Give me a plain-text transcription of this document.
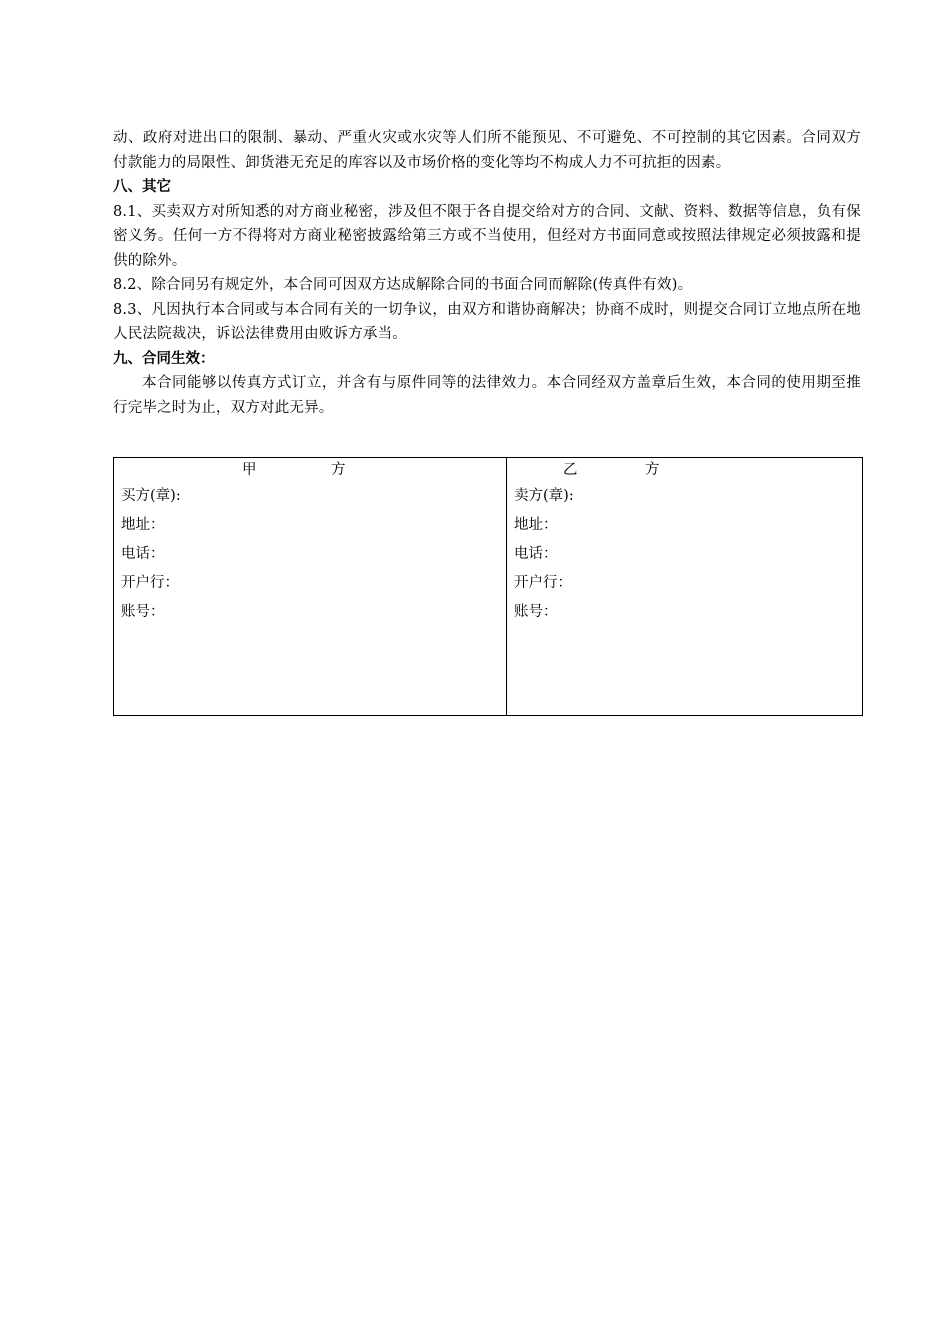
动、政府对进出口的限制、暴动、严重火灾或水灾等人们所不能预见、不可避免、不可控制的其它因素。合同双方付款能力的局限性、卸货港无充足的库容以及市场价格的变化等均不构成人力不可抗拒的因素。

八、其它

8.1、买卖双方对所知悉的对方商业秘密，涉及但不限于各自提交给对方的合同、文献、资料、数据等信息，负有保密义务。任何一方不得将对方商业秘密披露给第三方或不当使用，但经对方书面同意或按照法律规定必须披露和提供的除外。

8.2、除合同另有规定外，本合同可因双方达成解除合同的书面合同而解除(传真件有效)。

8.3、凡因执行本合同或与本合同有关的一切争议，由双方和谐协商解决；协商不成时，则提交合同订立地点所在地人民法院裁决，诉讼法律费用由败诉方承当。

九、合同生效：

本合同能够以传真方式订立，并含有与原件同等的法律效力。本合同经双方盖章后生效，本合同的使用期至推行完毕之时为止，双方对此无异。

甲	方
买方(章):
地址：
电话：
开户行：
账号：

乙	方
卖方(章):
地址：
电话：
开户行：
账号：
